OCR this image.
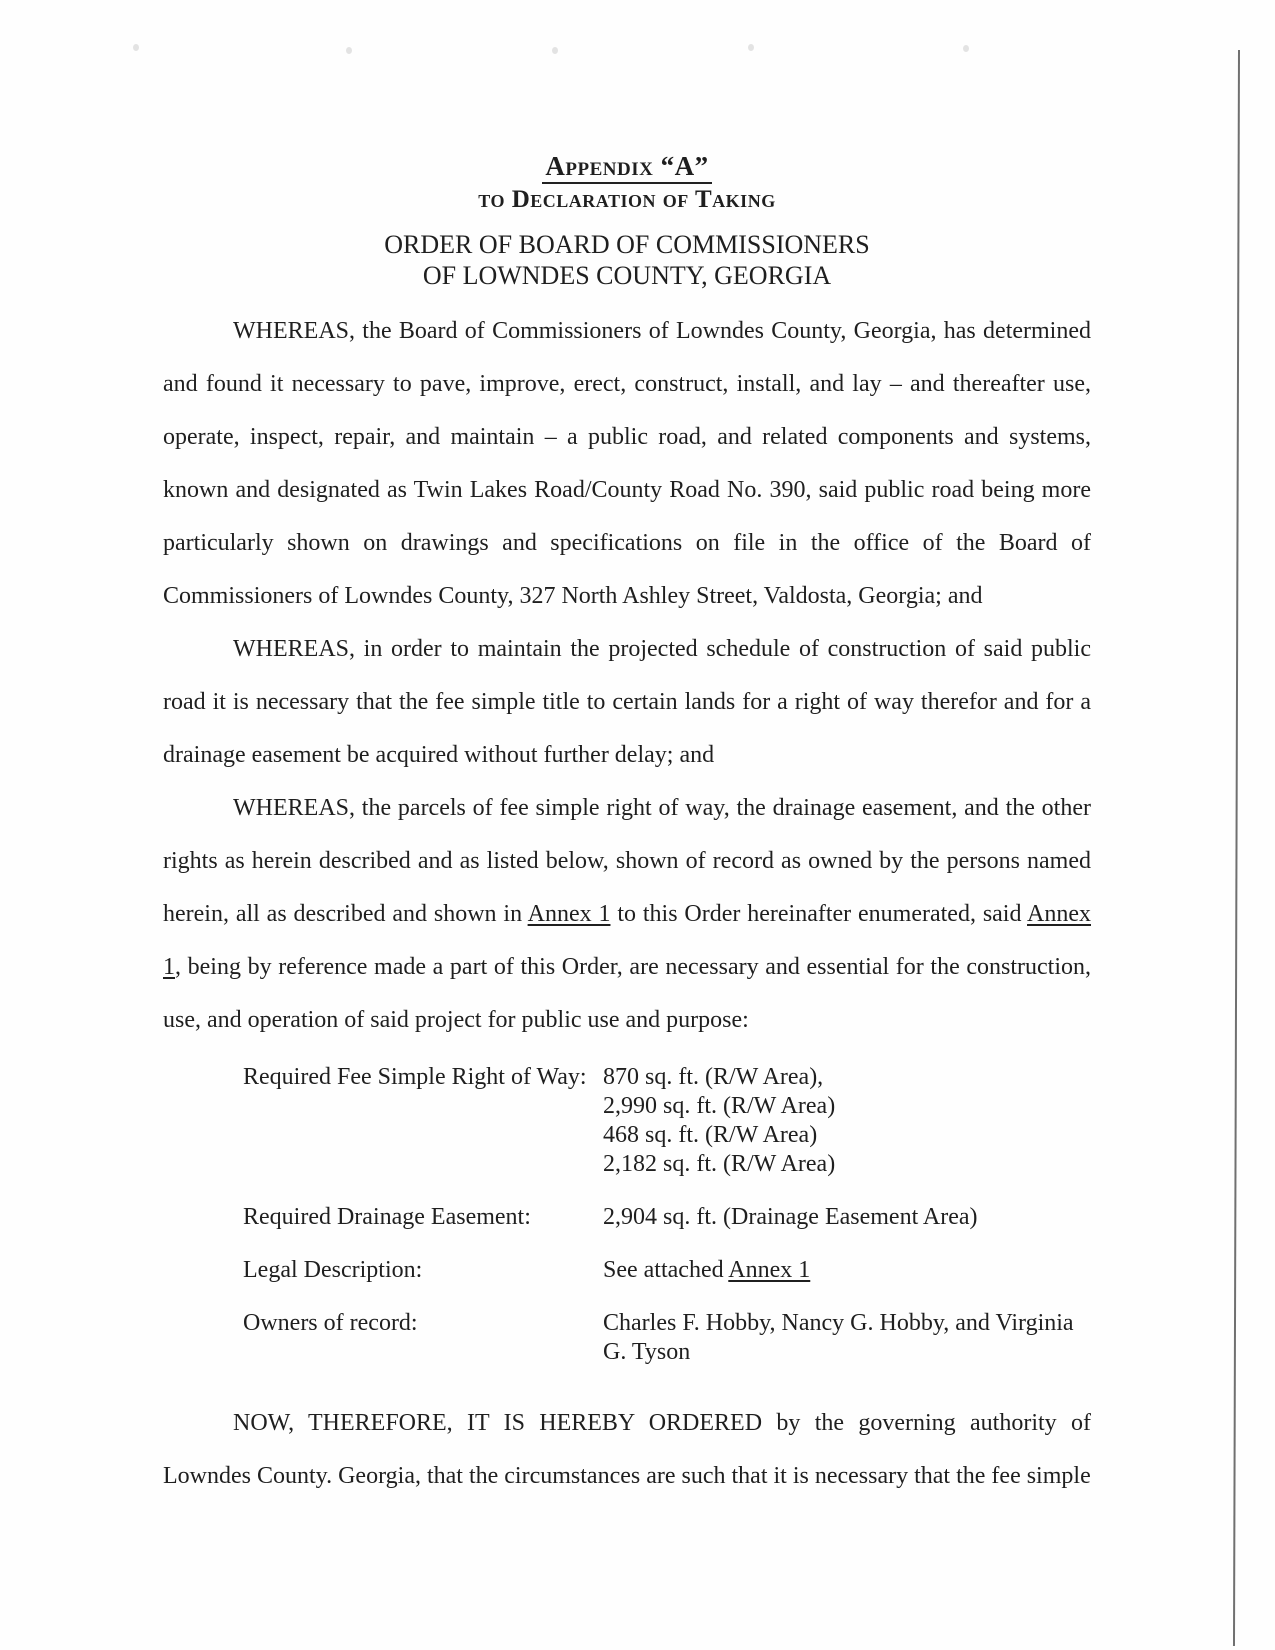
Appendix “A”
to Declaration of Taking
ORDER OF BOARD OF COMMISSIONERS
OF LOWNDES COUNTY, GEORGIA

WHEREAS, the Board of Commissioners of Lowndes County, Georgia, has determined and found it necessary to pave, improve, erect, construct, install, and lay – and thereafter use, operate, inspect, repair, and maintain – a public road, and related components and systems, known and designated as Twin Lakes Road/County Road No. 390, said public road being more particularly shown on drawings and specifications on file in the office of the Board of Commissioners of Lowndes County, 327 North Ashley Street, Valdosta, Georgia; and

WHEREAS, in order to maintain the projected schedule of construction of said public road it is necessary that the fee simple title to certain lands for a right of way therefor and for a drainage easement be acquired without further delay; and

WHEREAS, the parcels of fee simple right of way, the drainage easement, and the other rights as herein described and as listed below, shown of record as owned by the persons named herein, all as described and shown in Annex 1 to this Order hereinafter enumerated, said Annex 1, being by reference made a part of this Order, are necessary and essential for the construction, use, and operation of said project for public use and purpose:

Required Fee Simple Right of Way: 870 sq. ft. (R/W Area),
2,990 sq. ft. (R/W Area)
468 sq. ft. (R/W Area)
2,182 sq. ft. (R/W Area)
Required Drainage Easement:	2,904 sq. ft. (Drainage Easement Area)
Legal Description:	See attached Annex 1
Owners of record:	Charles F. Hobby, Nancy G. Hobby, and Virginia G. Tyson

NOW, THEREFORE, IT IS HEREBY ORDERED by the governing authority of Lowndes County. Georgia, that the circumstances are such that it is necessary that the fee simple
